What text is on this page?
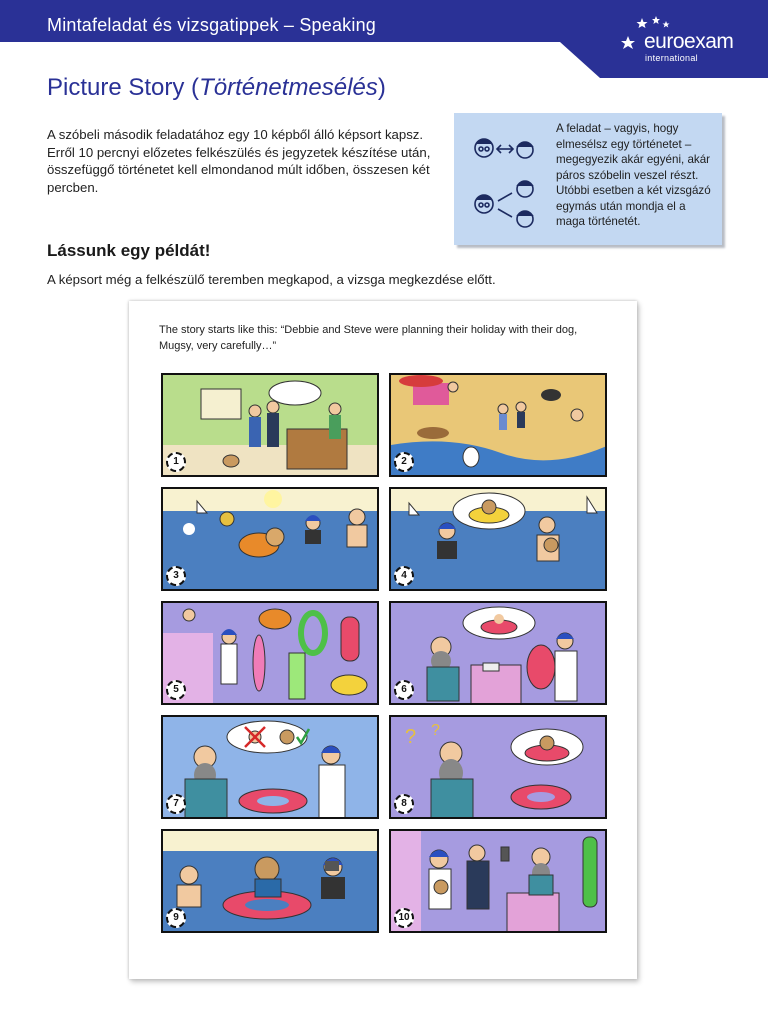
Mintafeladat és vizsgatippek – Speaking
euroexam
international
Picture Story (Történetmesélés)
A szóbeli második feladatához egy 10 képből álló képsort kapsz. Erről 10 percnyi előzetes felkészülés és jegyzetek készítése után, összefüggő történetet kell elmondanod múlt időben, összesen két percben.
A feladat – vagyis, hogy elmesélsz egy történetet – megegyezik akár egyéni, akár páros szóbelin veszel részt. Utóbbi esetben a két vizsgázó egymás után mondja el a maga történetét.
Lássunk egy példát!
A képsort még a felkészülő teremben megkapod, a vizsga megkezdése előtt.
The story starts like this: “Debbie and Steve were planning their holiday with their dog, Mugsy, very carefully…”
1	2
3	4
5	6
7
? ?
8
9	10
